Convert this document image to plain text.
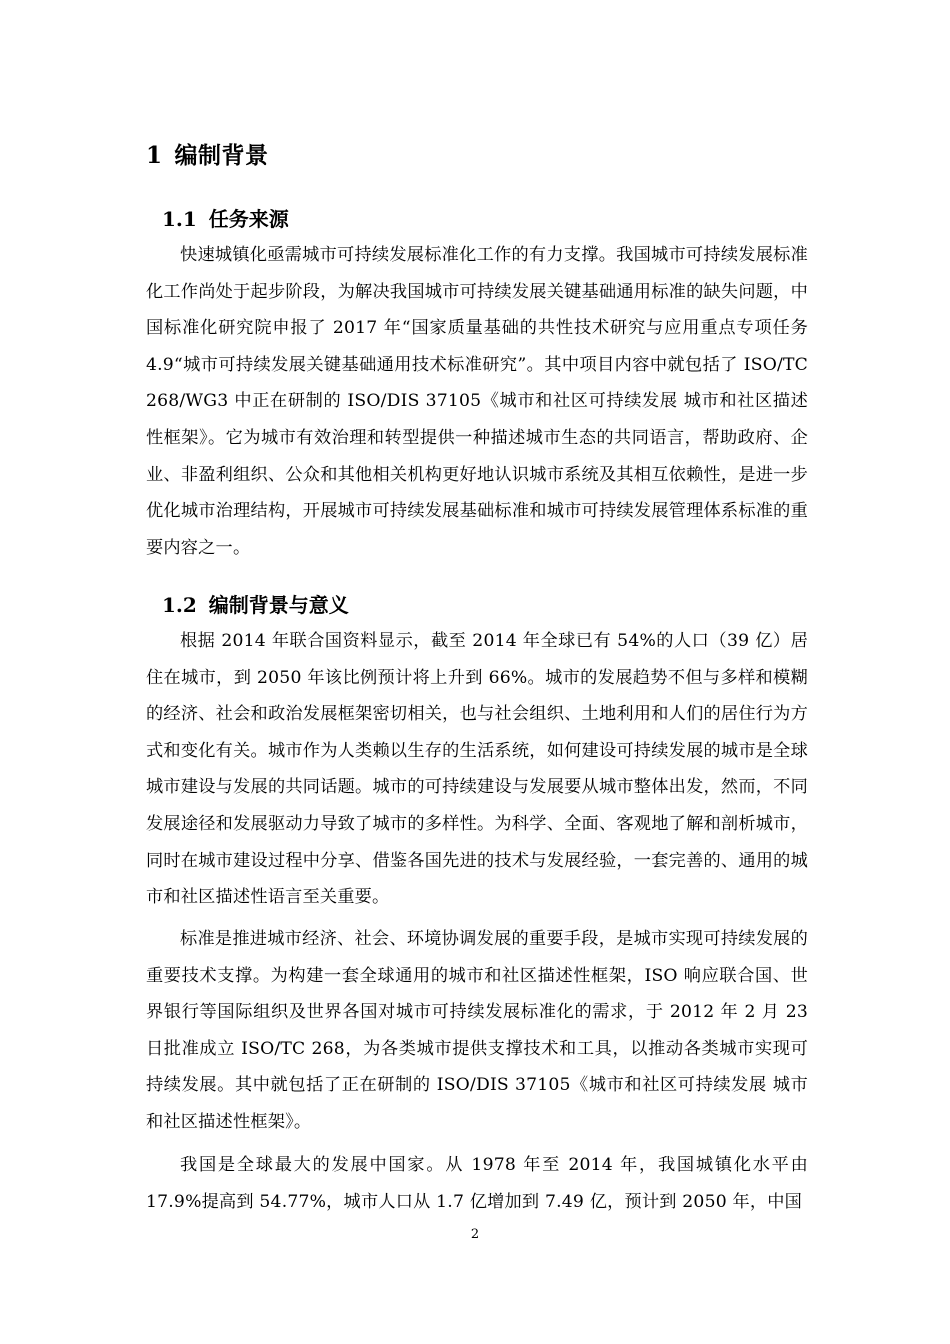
1 编制背景
1.1 任务来源

快速城镇化亟需城市可持续发展标准化工作的有力支撑。我国城市可持续发展标准化工作尚处于起步阶段，为解决我国城市可持续发展关键基础通用标准的缺失问题，中国标准化研究院申报了 2017 年“国家质量基础的共性技术研究与应用重点专项任务 4.9“城市可持续发展关键基础通用技术标准研究”。其中项目内容中就包括了 ISO/TC 268/WG3 中正在研制的 ISO/DIS 37105《城市和社区可持续发展 城市和社区描述性框架》。它为城市有效治理和转型提供一种描述城市生态的共同语言，帮助政府、企业、非盈利组织、公众和其他相关机构更好地认识城市系统及其相互依赖性，是进一步优化城市治理结构，开展城市可持续发展基础标准和城市可持续发展管理体系标准的重要内容之一。

1.2 编制背景与意义

根据 2014 年联合国资料显示，截至 2014 年全球已有 54%的人口（39 亿）居住在城市，到 2050 年该比例预计将上升到 66%。城市的发展趋势不但与多样和模糊的经济、社会和政治发展框架密切相关，也与社会组织、土地利用和人们的居住行为方式和变化有关。城市作为人类赖以生存的生活系统，如何建设可持续发展的城市是全球城市建设与发展的共同话题。城市的可持续建设与发展要从城市整体出发，然而，不同发展途径和发展驱动力导致了城市的多样性。为科学、全面、客观地了解和剖析城市，同时在城市建设过程中分享、借鉴各国先进的技术与发展经验，一套完善的、通用的城市和社区描述性语言至关重要。

标准是推进城市经济、社会、环境协调发展的重要手段，是城市实现可持续发展的重要技术支撑。为构建一套全球通用的城市和社区描述性框架，ISO 响应联合国、世界银行等国际组织及世界各国对城市可持续发展标准化的需求，于 2012 年 2 月 23 日批准成立 ISO/TC 268，为各类城市提供支撑技术和工具，以推动各类城市实现可持续发展。其中就包括了正在研制的 ISO/DIS 37105《城市和社区可持续发展 城市和社区描述性框架》。

我国是全球最大的发展中国家。从 1978 年至 2014 年，我国城镇化水平由 17.9%提高到 54.77%，城市人口从 1.7 亿增加到 7.49 亿，预计到 2050 年，中国

2
